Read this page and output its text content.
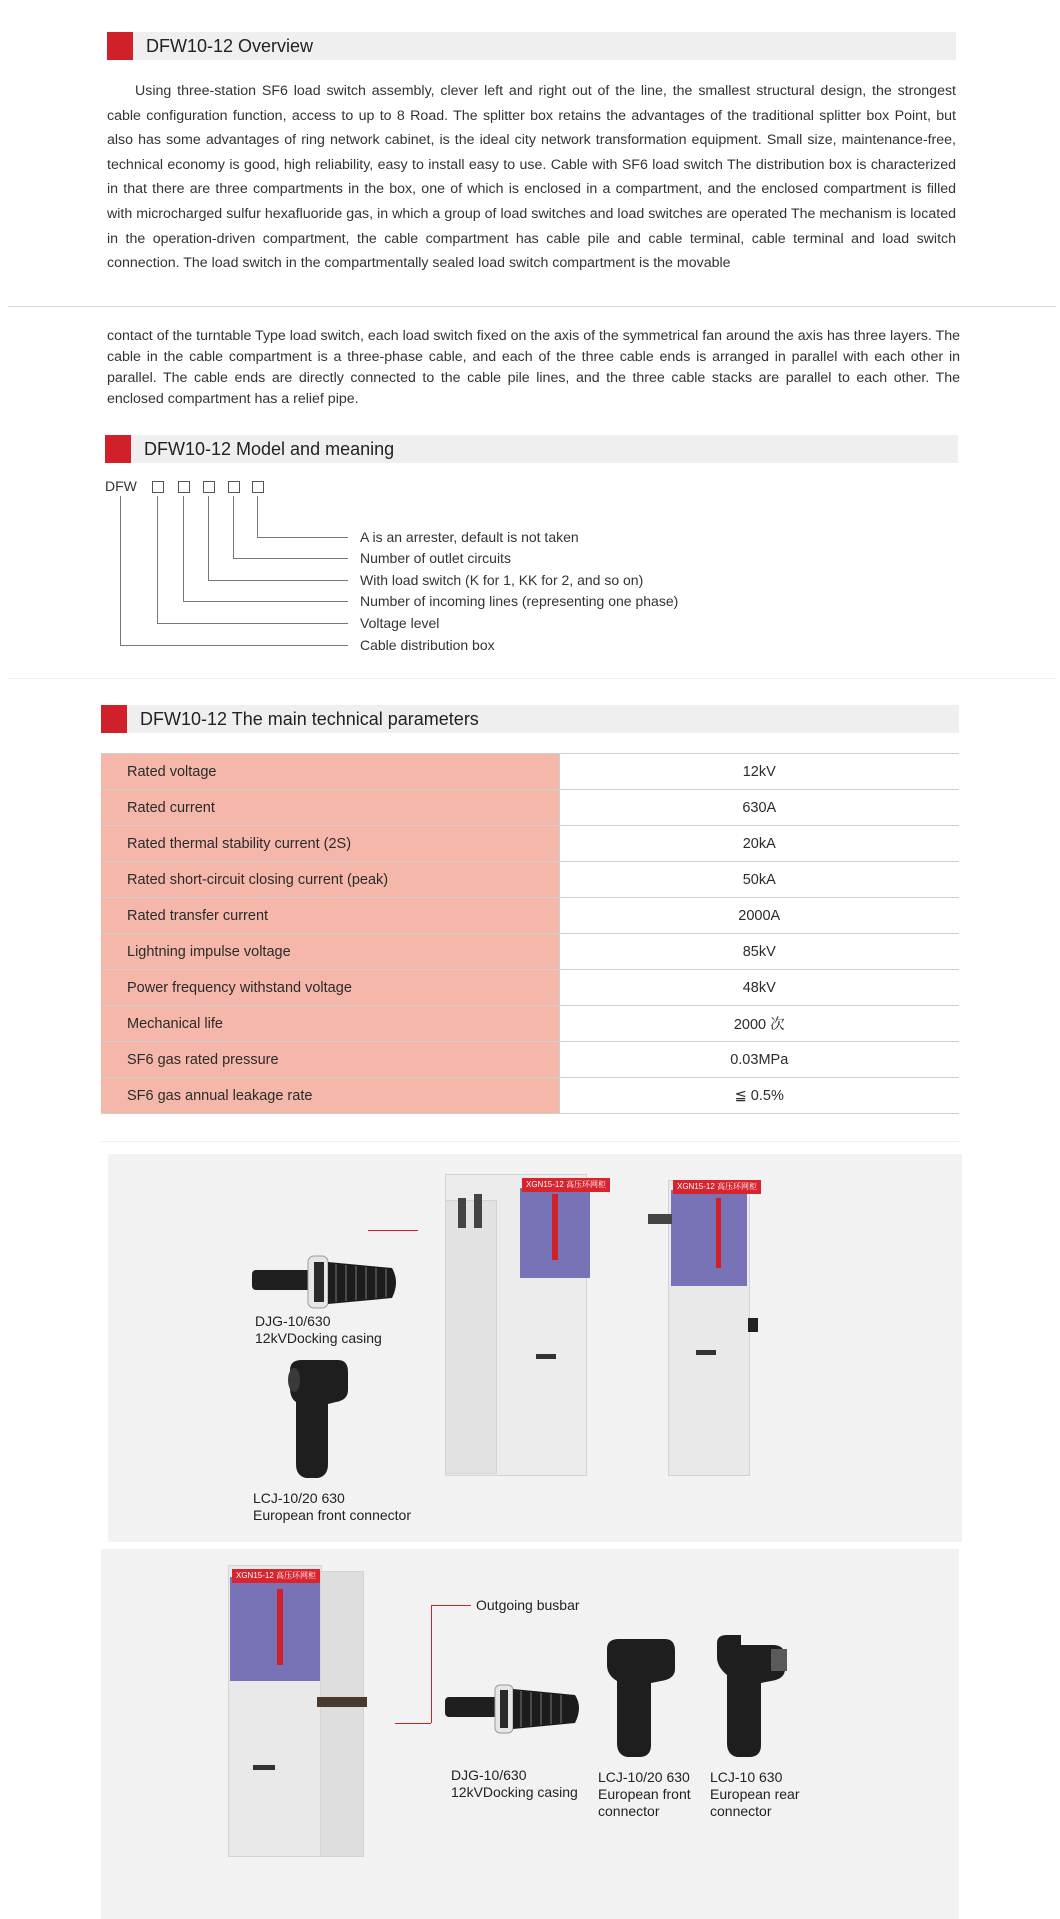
DFW10-12 Overview
Using three-station SF6 load switch assembly, clever left and right out of the line, the smallest structural design, the strongest cable configuration function, access to up to 8 Road. The splitter box retains the advantages of the traditional splitter box Point, but also has some advantages of ring network cabinet, is the ideal city network transformation equipment. Small size, maintenance-free, technical economy is good, high reliability, easy to install easy to use. Cable with SF6 load switch The distribution box is characterized in that there are three compartments in the box, one of which is enclosed in a compartment, and the enclosed compartment is filled with microcharged sulfur hexafluoride gas, in which a group of load switches and load switches are operated The mechanism is located in the operation-driven compartment, the cable compartment has cable pile and cable terminal, cable terminal and load switch connection. The load switch in the compartmentally sealed load switch compartment is the movable
contact of the turntable Type load switch, each load switch fixed on the axis of the symmetrical fan around the axis has three layers. The cable in the cable compartment is a three-phase cable, and each of the three cable ends is arranged in parallel with each other in parallel. The cable ends are directly connected to the cable pile lines, and the three cable stacks are parallel to each other. The enclosed compartment has a relief pipe.
DFW10-12 Model and meaning
DFW
A is an arrester, default is not taken
Number of outlet circuits
With load switch (K for 1, KK for 2, and so on)
Number of incoming lines (representing one phase)
Voltage level
Cable distribution box
DFW10-12 The main technical parameters
Rated voltage	12kV
Rated current	630A
Rated thermal stability current (2S)	20kA
Rated short-circuit closing current (peak)	50kA
Rated transfer current	2000A
Lightning impulse voltage	85kV
Power frequency withstand voltage	48kV
Mechanical life	2000 次
SF6 gas rated pressure	0.03MPa
SF6 gas annual leakage rate	≦ 0.5%
DJG-10/630
12kVDocking casing
LCJ-10/20 630
European front connector
XGN15-12 高压环网柜	XGN15-12 高压环网柜
XGN15-12 高压环网柜
Outgoing busbar
DJG-10/630
12kVDocking casing
LCJ-10/20 630
European front
connector
LCJ-10 630
European rear
connector
